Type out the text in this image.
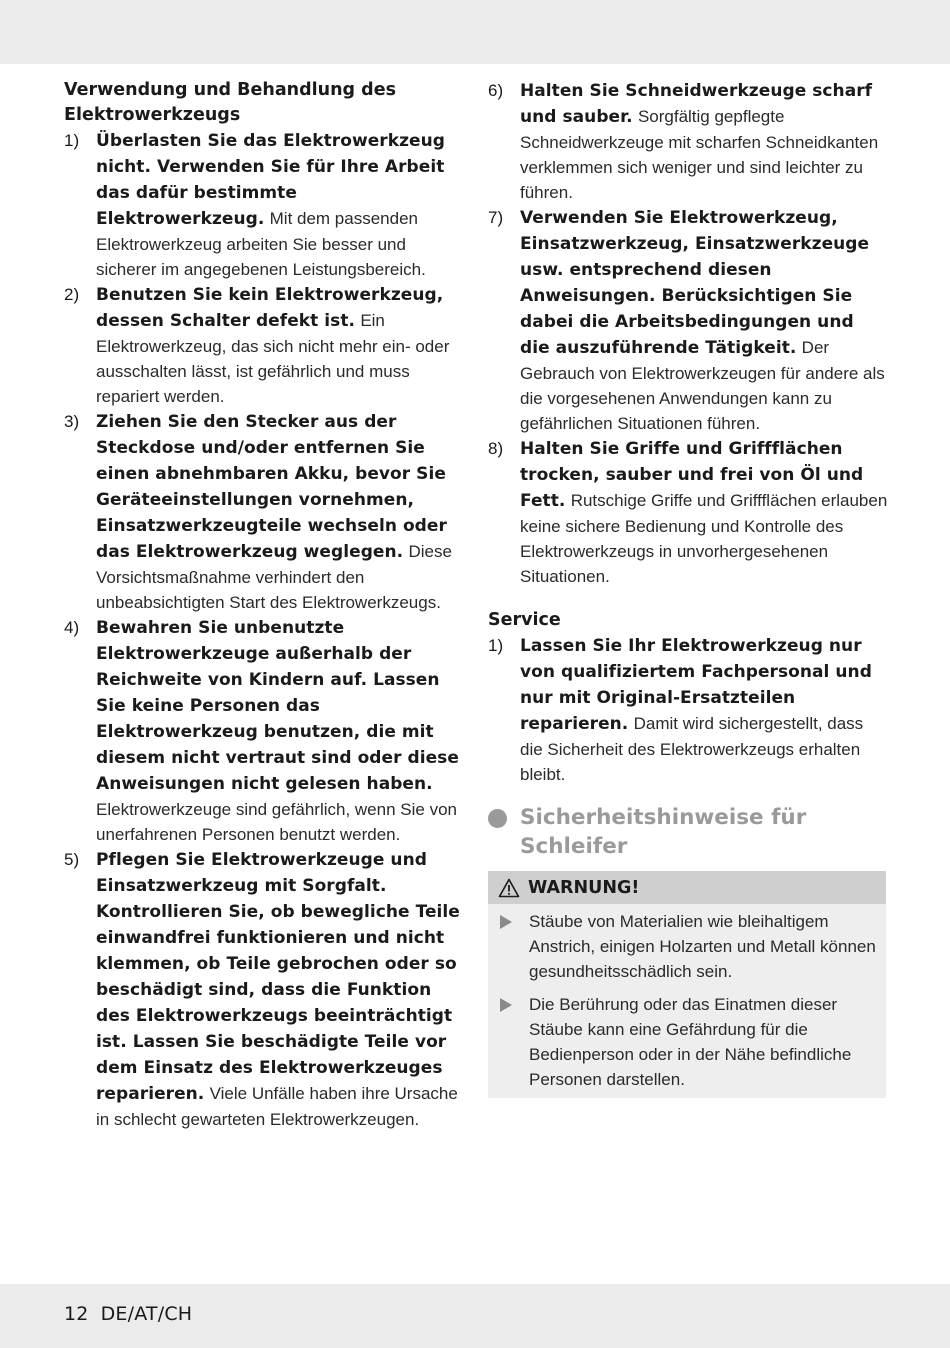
Verwendung und Behandlung des Elektrowerkzeugs
1) Überlasten Sie das Elektrowerkzeug nicht. Verwenden Sie für Ihre Arbeit das dafür bestimmte Elektrowerkzeug. Mit dem passenden Elektrowerkzeug arbeiten Sie besser und sicherer im angegebenen Leistungsbereich.
2) Benutzen Sie kein Elektrowerkzeug, dessen Schalter defekt ist. Ein Elektrowerkzeug, das sich nicht mehr ein- oder ausschalten lässt, ist gefährlich und muss repariert werden.
3) Ziehen Sie den Stecker aus der Steckdose und/oder entfernen Sie einen abnehmbaren Akku, bevor Sie Geräteeinstellungen vornehmen, Einsatzwerkzeugteile wechseln oder das Elektrowerkzeug weglegen. Diese Vorsichtsmaßnahme verhindert den unbeabsichtigten Start des Elektrowerkzeugs.
4) Bewahren Sie unbenutzte Elektrowerkzeuge außerhalb der Reichweite von Kindern auf. Lassen Sie keine Personen das Elektrowerkzeug benutzen, die mit diesem nicht vertraut sind oder diese Anweisungen nicht gelesen haben. Elektrowerkzeuge sind gefährlich, wenn Sie von unerfahrenen Personen benutzt werden.
5) Pflegen Sie Elektrowerkzeuge und Einsatzwerkzeug mit Sorgfalt. Kontrollieren Sie, ob bewegliche Teile einwandfrei funktionieren und nicht klemmen, ob Teile gebrochen oder so beschädigt sind, dass die Funktion des Elektrowerkzeugs beeinträchtigt ist. Lassen Sie beschädigte Teile vor dem Einsatz des Elektrowerkzeuges reparieren. Viele Unfälle haben ihre Ursache in schlecht gewarteten Elektrowerkzeugen.
6) Halten Sie Schneidwerkzeuge scharf und sauber. Sorgfältig gepflegte Schneidwerkzeuge mit scharfen Schneidkanten verklemmen sich weniger und sind leichter zu führen.
7) Verwenden Sie Elektrowerkzeug, Einsatzwerkzeug, Einsatzwerkzeuge usw. entsprechend diesen Anweisungen. Berücksichtigen Sie dabei die Arbeitsbedingungen und die auszuführende Tätigkeit. Der Gebrauch von Elektrowerkzeugen für andere als die vorgesehenen Anwendungen kann zu gefährlichen Situationen führen.
8) Halten Sie Griffe und Griffflächen trocken, sauber und frei von Öl und Fett. Rutschige Griffe und Griffflächen erlauben keine sichere Bedienung und Kontrolle des Elektrowerkzeugs in unvorhergesehenen Situationen.
Service
1) Lassen Sie Ihr Elektrowerkzeug nur von qualifiziertem Fachpersonal und nur mit Original-Ersatzteilen reparieren. Damit wird sichergestellt, dass die Sicherheit des Elektrowerkzeugs erhalten bleibt.
Sicherheitshinweise für Schleifer
WARNUNG!
Stäube von Materialien wie bleihaltigem Anstrich, einigen Holzarten und Metall können gesundheitsschädlich sein.
Die Berührung oder das Einatmen dieser Stäube kann eine Gefährdung für die Bedienperson oder in der Nähe befindliche Personen darstellen.
12 DE/AT/CH
